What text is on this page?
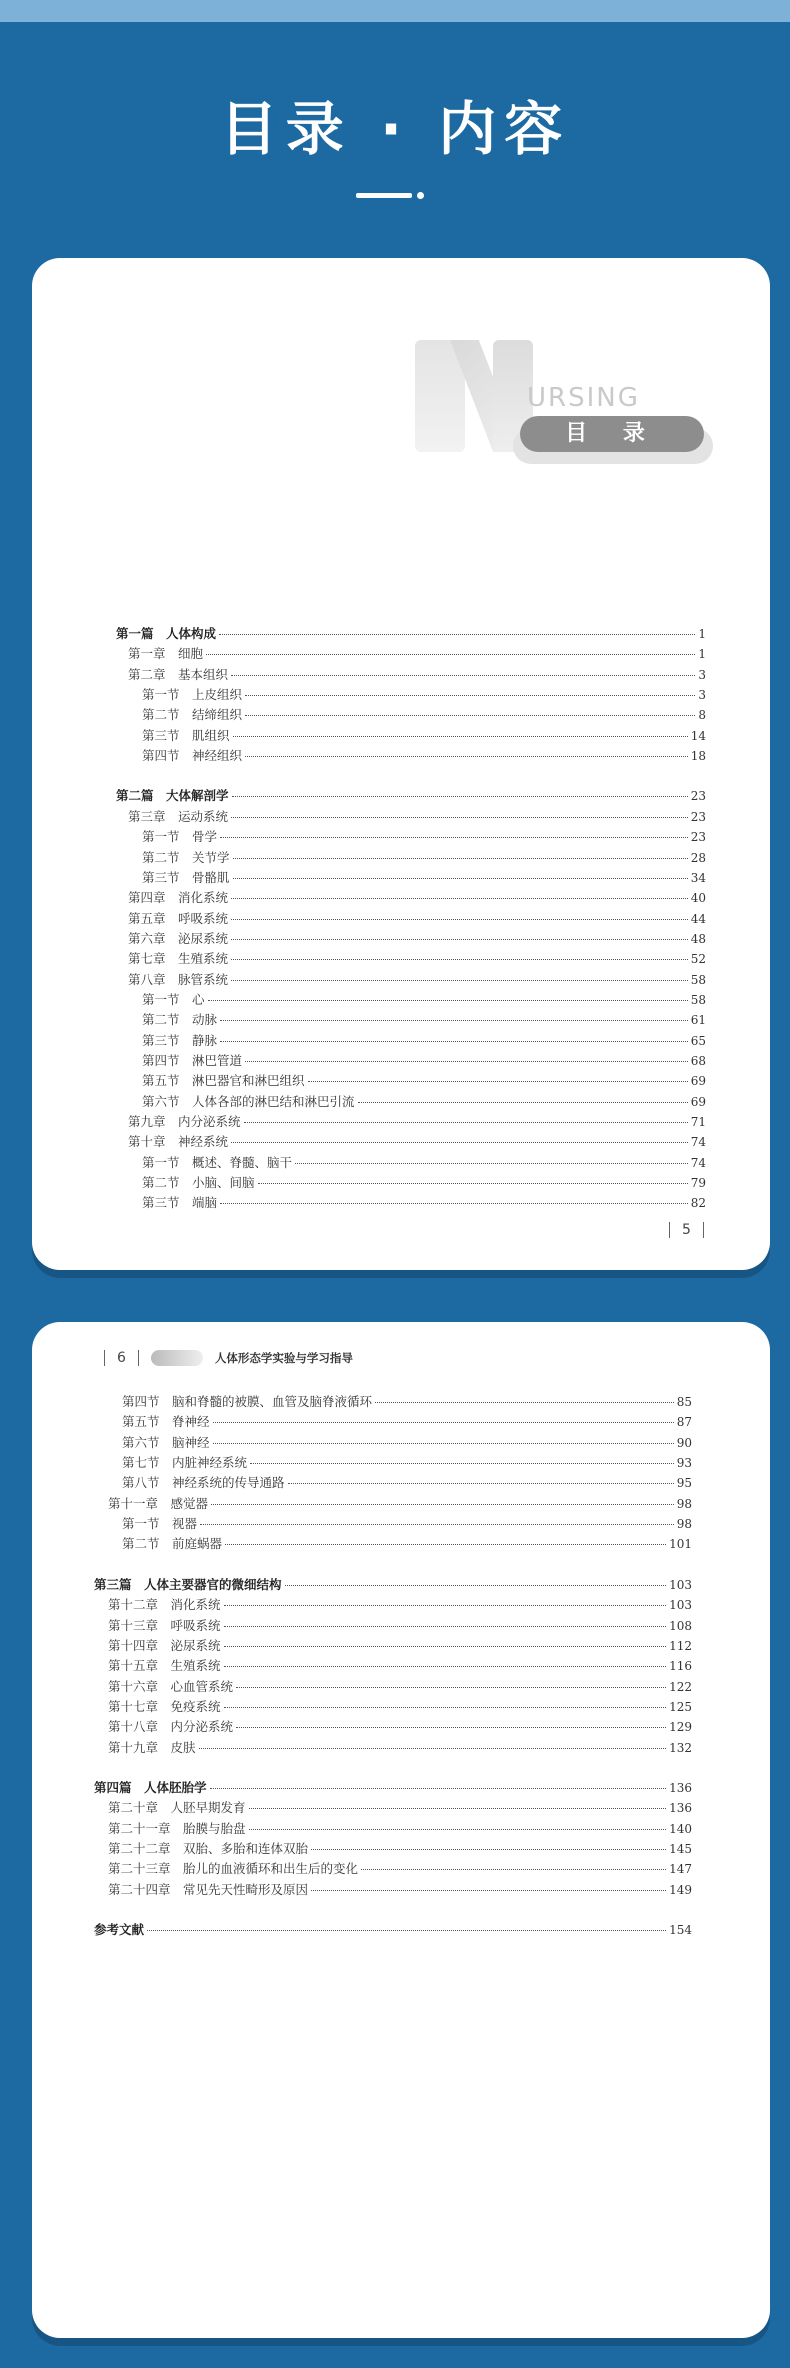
目录 · 内容
URSING
目 录
第一篇　人体构成	1
第一章　细胞	1
第二章　基本组织	3
第一节　上皮组织	3
第二节　结缔组织	8
第三节　肌组织	14
第四节　神经组织	18
第二篇　大体解剖学	23
第三章　运动系统	23
第一节　骨学	23
第二节　关节学	28
第三节　骨骼肌	34
第四章　消化系统	40
第五章　呼吸系统	44
第六章　泌尿系统	48
第七章　生殖系统	52
第八章　脉管系统	58
第一节　心	58
第二节　动脉	61
第三节　静脉	65
第四节　淋巴管道	68
第五节　淋巴器官和淋巴组织	69
第六节　人体各部的淋巴结和淋巴引流	69
第九章　内分泌系统	71
第十章　神经系统	74
第一节　概述、脊髓、脑干	74
第二节　小脑、间脑	79
第三节　端脑	82
5
6	人体形态学实验与学习指导
第四节　脑和脊髓的被膜、血管及脑脊液循环	85
第五节　脊神经	87
第六节　脑神经	90
第七节　内脏神经系统	93
第八节　神经系统的传导通路	95
第十一章　感觉器	98
第一节　视器	98
第二节　前庭蜗器	101
第三篇　人体主要器官的微细结构	103
第十二章　消化系统	103
第十三章　呼吸系统	108
第十四章　泌尿系统	112
第十五章　生殖系统	116
第十六章　心血管系统	122
第十七章　免疫系统	125
第十八章　内分泌系统	129
第十九章　皮肤	132
第四篇　人体胚胎学	136
第二十章　人胚早期发育	136
第二十一章　胎膜与胎盘	140
第二十二章　双胎、多胎和连体双胎	145
第二十三章　胎儿的血液循环和出生后的变化	147
第二十四章　常见先天性畸形及原因	149
参考文献	154
